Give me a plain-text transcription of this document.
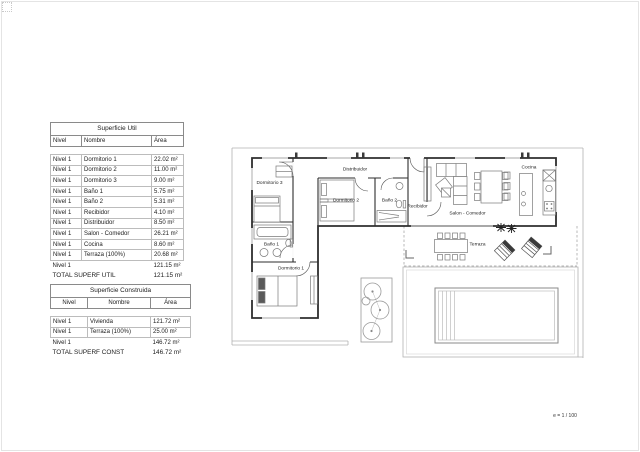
Superficie Util		
Nivel	Nombre	Área

Nivel 1	Dormitorio 1	22.02 m²
Nivel 1	Dormitorio 2	11.00 m²
Nivel 1	Dormitorio 3	9.00 m²
Nivel 1	Baño 1	5.75 m²
Nivel 1	Baño 2	5.31 m²
Nivel 1	Recibidor	4.10 m²
Nivel 1	Distribuidor	8.50 m²
Nivel 1	Salon - Comedor	26.21 m²
Nivel 1	Cocina	8.60 m²
Nivel 1	Terraza (100%)	20.68 m²
Nivel 1		121.15 m²
TOTAL SUPERF UTIL		121.15 m²
Superficie Construida		
Nivel	Nombre	Área

Nivel 1	Vivienda	121.72 m²
Nivel 1	Terraza (100%)	25.00 m²
Nivel 1		146.72 m²
TOTAL SUPERF CONST		146.72 m²
Dormitorio 3
Distribuidor
Dormitorio 2	Baño 2
Recibidor
Salon - Comedor
Cocina
Baño 1
Dormitorio 1
Terraza
e = 1 / 100
